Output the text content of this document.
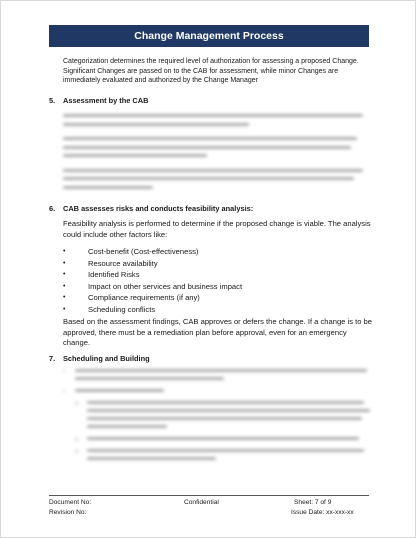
Change Management Process

Categorization determines the required level of authorization for assessing a proposed Change. Significant Changes are passed on to the CAB for assessment, while minor Changes are immediately evaluated and authorized by the Change Manager

5.	Assessment by the CAB
6.	CAB assesses risks and conducts feasibility analysis:

Feasibility analysis is performed to determine if the proposed change is viable. The analysis could include other factors like:

•	Cost-benefit (Cost-effectiveness)
•	Resource availability
•	Identified Risks
•	Impact on other services and business impact
•	Compliance requirements (if any)
•	Scheduling conflicts

Based on the assessment findings, CAB approves or defers the change. If a change is to be approved, there must be a remediation plan before approval, even for an emergency change.

7.	Scheduling and Building
•
•
o
o
o
Document No:
Revision No:
Confidential	Sheet: 7 of 9
Issue Date: xx-xxx-xx
